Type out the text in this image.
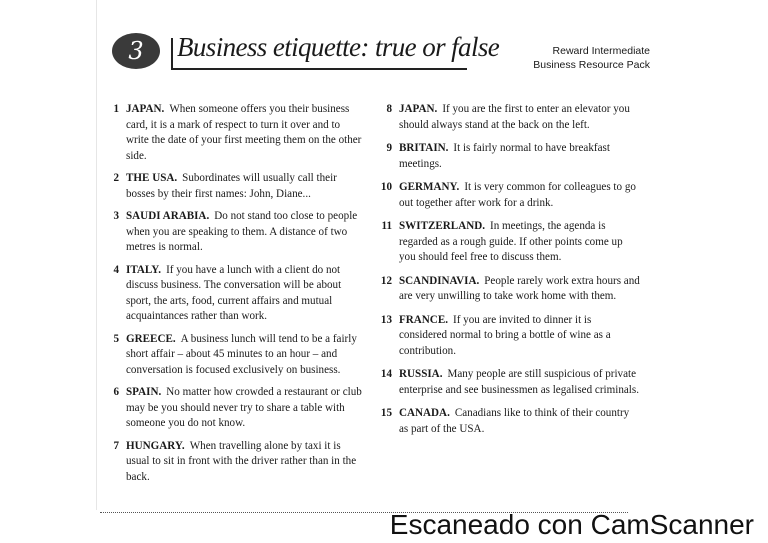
3	Business etiquette: true or false	Reward Intermediate
Business Resource Pack
1 JAPAN. When someone offers you their business card, it is a mark of respect to turn it over and to write the date of your first meeting them on the other side.
2 THE USA. Subordinates will usually call their bosses by their first names: John, Diane...
3 SAUDI ARABIA. Do not stand too close to people when you are speaking to them. A distance of two metres is normal.
4 ITALY. If you have a lunch with a client do not discuss business. The conversation will be about sport, the arts, food, current affairs and mutual acquaintances rather than work.
5 GREECE. A business lunch will tend to be a fairly short affair – about 45 minutes to an hour – and conversation is focused exclusively on business.
6 SPAIN. No matter how crowded a restaurant or club may be you should never try to share a table with someone you do not know.
7 HUNGARY. When travelling alone by taxi it is usual to sit in front with the driver rather than in the back.
8 JAPAN. If you are the first to enter an elevator you should always stand at the back on the left.
9 BRITAIN. It is fairly normal to have breakfast meetings.
10 GERMANY. It is very common for colleagues to go out together after work for a drink.
11 SWITZERLAND. In meetings, the agenda is regarded as a rough guide. If other points come up you should feel free to discuss them.
12 SCANDINAVIA. People rarely work extra hours and are very unwilling to take work home with them.
13 FRANCE. If you are invited to dinner it is considered normal to bring a bottle of wine as a contribution.
14 RUSSIA. Many people are still suspicious of private enterprise and see businessmen as legalised criminals.
15 CANADA. Canadians like to think of their country as part of the USA.
Escaneado con CamScanner
